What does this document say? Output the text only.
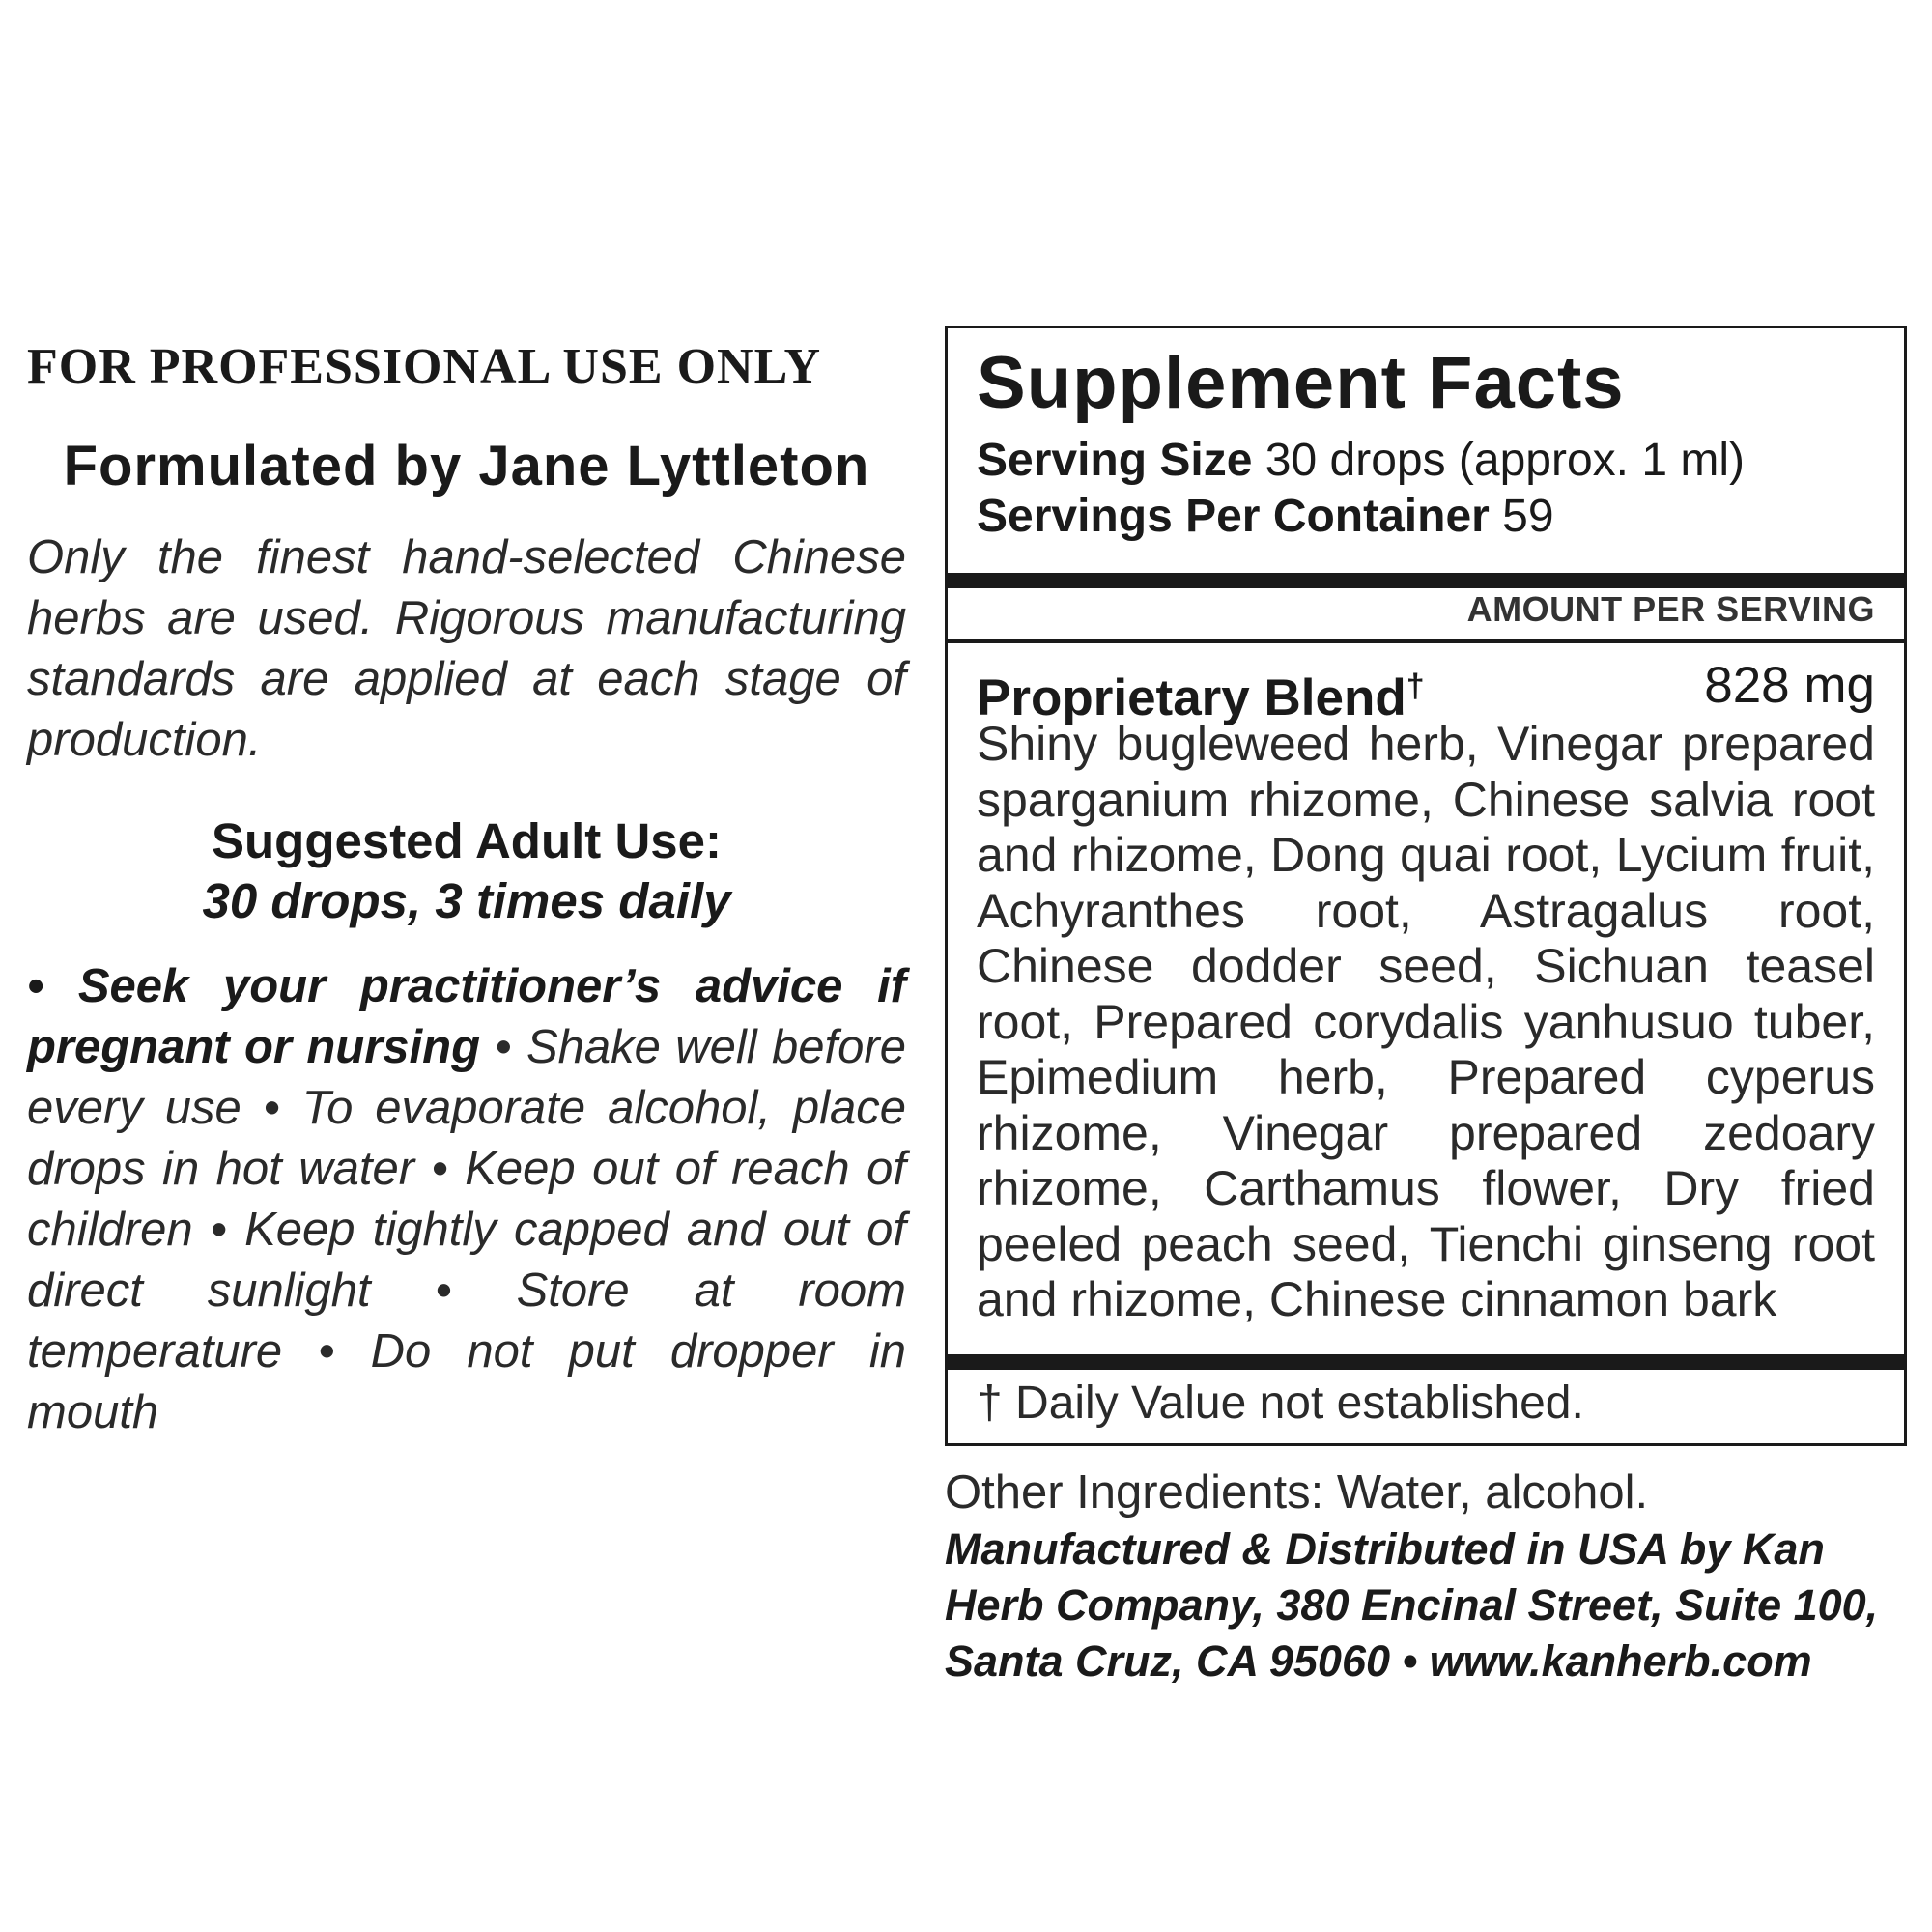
FOR PROFESSIONAL USE ONLY

Formulated by Jane Lyttleton

Only the finest hand-selected Chinese herbs are used. Rigorous manufacturing standards are applied at each stage of production.

Suggested Adult Use:

30 drops, 3 times daily

• Seek your practitioner’s advice if pregnant or nursing • Shake well before every use • To evaporate alcohol, place drops in hot water • Keep out of reach of children • Keep tightly capped and out of direct sunlight • Store at room temperature • Do not put dropper in mouth

Supplement Facts
Serving Size 30 drops (approx. 1 ml)
Servings Per Container 59
AMOUNT PER SERVING
Proprietary Blend†	828 mg
Shiny bugleweed herb, Vinegar prepared sparganium rhizome, Chinese salvia root and rhizome, Dong quai root, Lycium fruit, Achyranthes root, Astragalus root, Chinese dodder seed, Sichuan teasel root, Prepared corydalis yanhusuo tuber, Epimedium herb, Prepared cyperus rhizome, Vinegar prepared zedoary rhizome, Carthamus flower, Dry fried peeled peach seed, Tienchi ginseng root and rhizome, Chinese cinnamon bark
† Daily Value not established.
Other Ingredients: Water, alcohol.
Manufactured & Distributed in USA by Kan Herb Company, 380 Encinal Street, Suite 100, Santa Cruz, CA 95060 • www.kanherb.com
